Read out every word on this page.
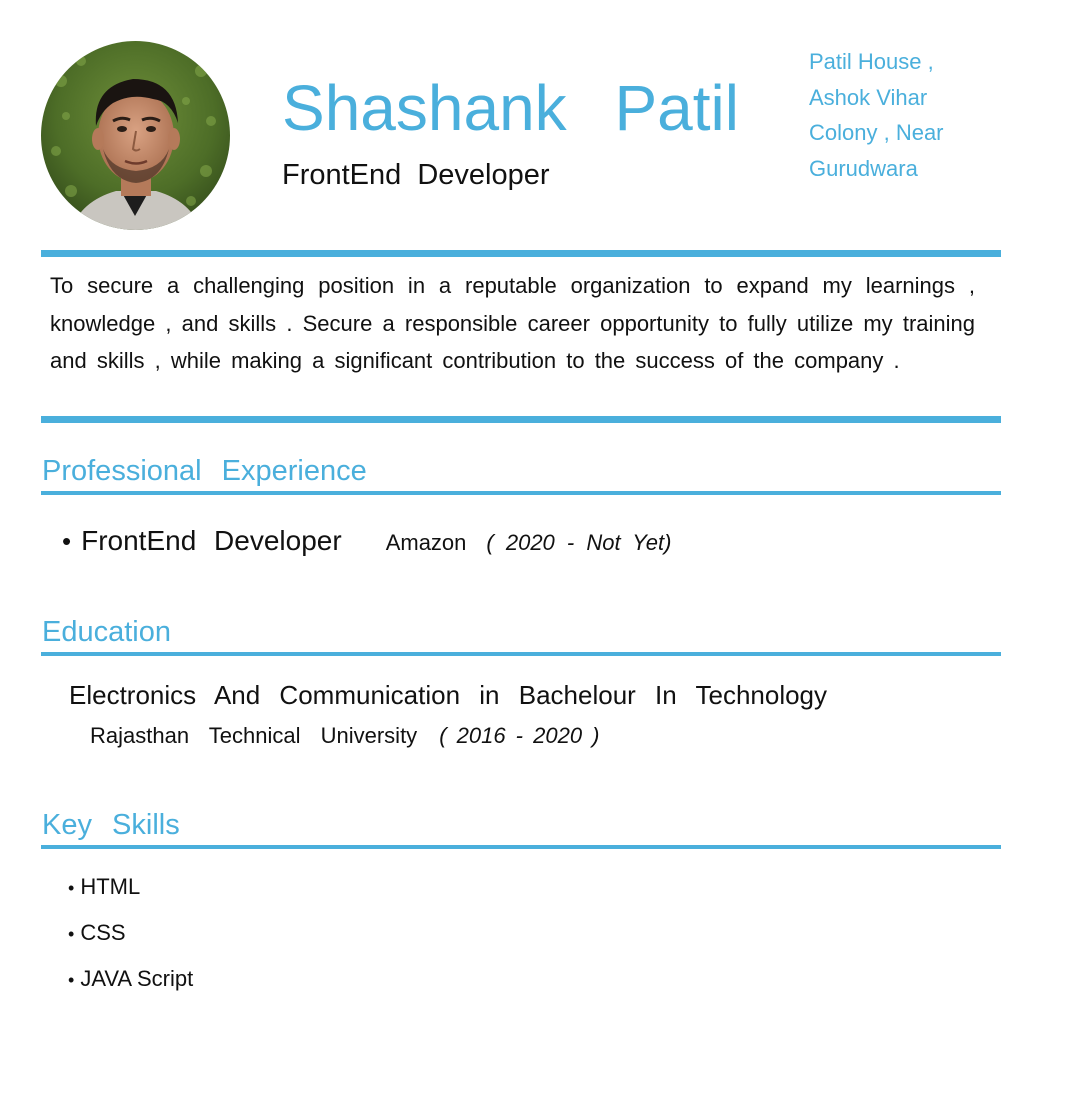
Shashank Patil
FrontEnd Developer
Patil House ,
Ashok Vihar
Colony , Near
Gurudwara
To secure a challenging position in a reputable organization to expand my learnings , knowledge , and skills . Secure a responsible career opportunity to fully utilize my training and skills , while making a significant contribution to the success of the company .
Professional Experience
• FrontEnd Developer Amazon ( 2020 - Not Yet)
Education
Electronics And Communication in Bachelour In Technology
Rajasthan Technical University ( 2016 - 2020 )
Key Skills
• HTML
• CSS
• JAVA Script
